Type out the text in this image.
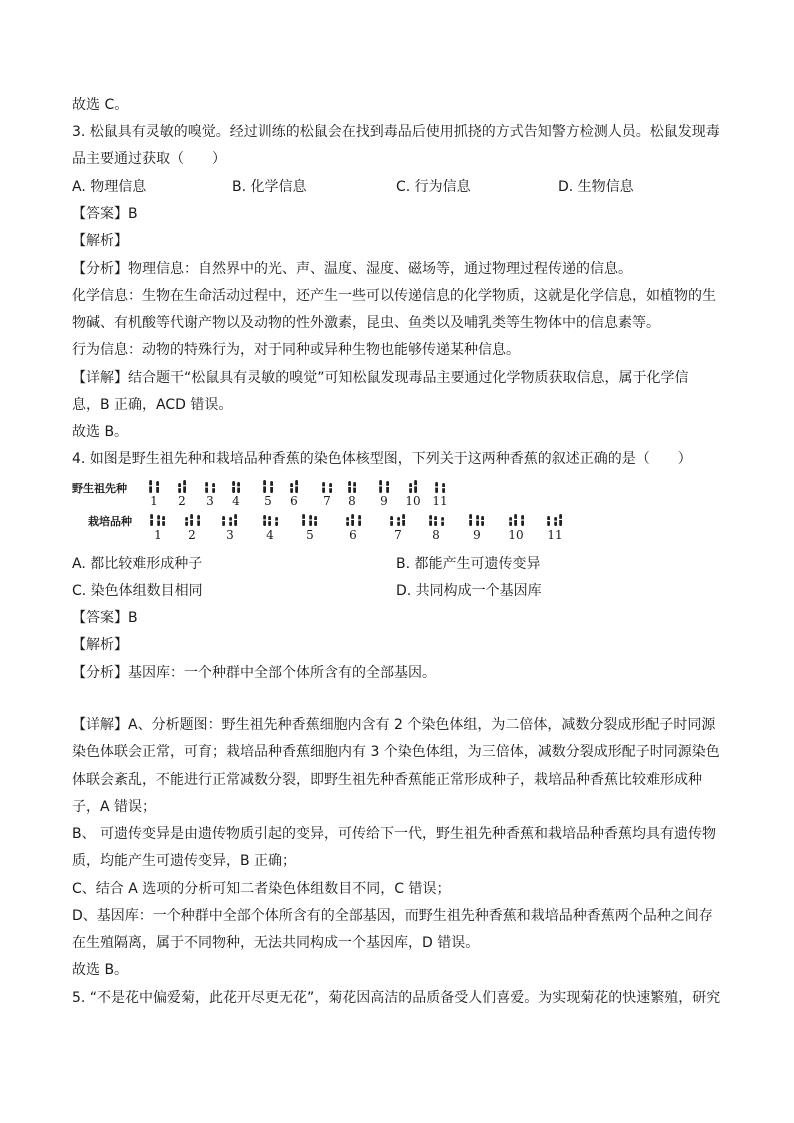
故选 C。
3. 松鼠具有灵敏的嗅觉。经过训练的松鼠会在找到毒品后使用抓挠的方式告知警方检测人员。松鼠发现毒
品主要通过获取（　　）
A. 物理信息	B. 化学信息	C. 行为信息	D. 生物信息
【答案】B
【解析】
【分析】物理信息：自然界中的光、声、温度、湿度、磁场等，通过物理过程传递的信息。
化学信息：生物在生命活动过程中，还产生一些可以传递信息的化学物质，这就是化学信息，如植物的生
物碱、有机酸等代谢产物以及动物的性外激素，昆虫、鱼类以及哺乳类等生物体中的信息素等。
行为信息：动物的特殊行为，对于同种或异种生物也能够传递某种信息。
【详解】结合题干“松鼠具有灵敏的嗅觉”可知松鼠发现毒品主要通过化学物质获取信息，属于化学信
息，B 正确，ACD 错误。
故选 B。
4. 如图是野生祖先种和栽培品种香蕉的染色体核型图，下列关于这两种香蕉的叙述正确的是（　　）
野生祖先种
栽培品种
1 2 3 4 5 6 7 8 9 10 11
1 2	3	4	5	6	7	8	9 10 11
A. 都比较难形成种子	B. 都能产生可遗传变异
C. 染色体组数目相同	D. 共同构成一个基因库
【答案】B
【解析】
【分析】基因库：一个种群中全部个体所含有的全部基因。
【详解】A、分析题图：野生祖先种香蕉细胞内含有 2 个染色体组，为二倍体，减数分裂成形配子时同源
染色体联会正常，可育；栽培品种香蕉细胞内有 3 个染色体组，为三倍体，减数分裂成形配子时同源染色
体联会紊乱，不能进行正常减数分裂，即野生祖先种香蕉能正常形成种子，栽培品种香蕉比较难形成种
子，A 错误；
B、 可遗传变异是由遗传物质引起的变异，可传给下一代，野生祖先种香蕉和栽培品种香蕉均具有遗传物
质，均能产生可遗传变异，B 正确；
C、结合 A 选项的分析可知二者染色体组数目不同，C 错误；
D、基因库：一个种群中全部个体所含有的全部基因，而野生祖先种香蕉和栽培品种香蕉两个品种之间存
在生殖隔离，属于不同物种，无法共同构成一个基因库，D 错误。
故选 B。
5. “不是花中偏爱菊，此花开尽更无花”，菊花因高洁的品质备受人们喜爱。为实现菊花的快速繁殖，研究
